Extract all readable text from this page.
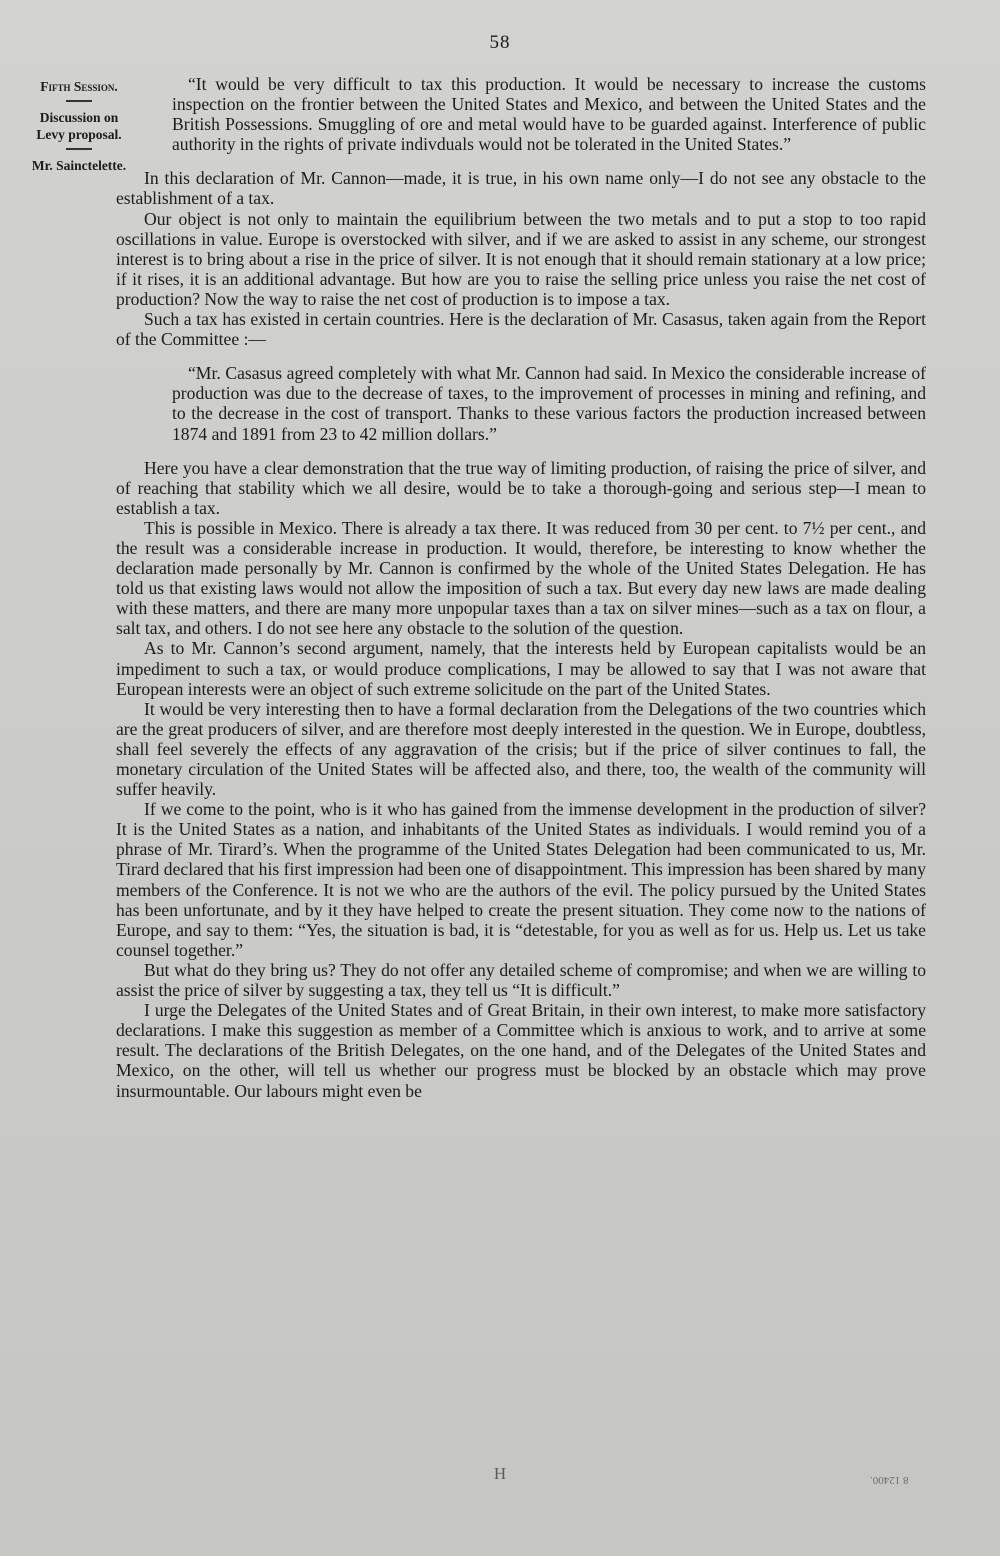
58

Fifth Session.

Discussion on Levy proposal.

Mr. Sainctelette.

“It would be very difficult to tax this production. It would be necessary to increase the customs inspection on the frontier between the United States and Mexico, and between the United States and the British Possessions. Smuggling of ore and metal would have to be guarded against. Interference of public authority in the rights of private indivduals would not be tolerated in the United States.”

In this declaration of Mr. Cannon—made, it is true, in his own name only—I do not see any obstacle to the establishment of a tax.

Our object is not only to maintain the equilibrium between the two metals and to put a stop to too rapid oscillations in value. Europe is overstocked with silver, and if we are asked to assist in any scheme, our strongest interest is to bring about a rise in the price of silver. It is not enough that it should remain stationary at a low price; if it rises, it is an additional advantage. But how are you to raise the selling price unless you raise the net cost of production? Now the way to raise the net cost of production is to impose a tax.

Such a tax has existed in certain countries. Here is the declaration of Mr. Casasus, taken again from the Report of the Committee :—

“Mr. Casasus agreed completely with what Mr. Cannon had said. In Mexico the considerable increase of production was due to the decrease of taxes, to the improvement of processes in mining and refining, and to the decrease in the cost of transport. Thanks to these various factors the production increased between 1874 and 1891 from 23 to 42 million dollars.”

Here you have a clear demonstration that the true way of limiting production, of raising the price of silver, and of reaching that stability which we all desire, would be to take a thorough-going and serious step—I mean to establish a tax.

This is possible in Mexico. There is already a tax there. It was reduced from 30 per cent. to 7½ per cent., and the result was a considerable increase in production. It would, therefore, be interesting to know whether the declaration made personally by Mr. Cannon is confirmed by the whole of the United States Delegation. He has told us that existing laws would not allow the imposition of such a tax. But every day new laws are made dealing with these matters, and there are many more unpopular taxes than a tax on silver mines—such as a tax on flour, a salt tax, and others. I do not see here any obstacle to the solution of the question.

As to Mr. Cannon’s second argument, namely, that the interests held by European capitalists would be an impediment to such a tax, or would produce complications, I may be allowed to say that I was not aware that European interests were an object of such extreme solicitude on the part of the United States.

It would be very interesting then to have a formal declaration from the Delegations of the two countries which are the great producers of silver, and are therefore most deeply interested in the question. We in Europe, doubtless, shall feel severely the effects of any aggravation of the crisis; but if the price of silver continues to fall, the monetary circulation of the United States will be affected also, and there, too, the wealth of the community will suffer heavily.

If we come to the point, who is it who has gained from the immense development in the production of silver? It is the United States as a nation, and inhabitants of the United States as individuals. I would remind you of a phrase of Mr. Tirard’s. When the programme of the United States Delegation had been communicated to us, Mr. Tirard declared that his first impression had been one of disappointment. This impression has been shared by many members of the Conference. It is not we who are the authors of the evil. The policy pursued by the United States has been unfortunate, and by it they have helped to create the present situation. They come now to the nations of Europe, and say to them: “Yes, the situation is bad, it is “detestable, for you as well as for us. Help us. Let us take counsel together.”

But what do they bring us? They do not offer any detailed scheme of compromise; and when we are willing to assist the price of silver by suggesting a tax, they tell us “It is difficult.”

I urge the Delegates of the United States and of Great Britain, in their own interest, to make more satisfactory declarations. I make this suggestion as member of a Committee which is anxious to work, and to arrive at some result. The declarations of the British Delegates, on the one hand, and of the Delegates of the United States and Mexico, on the other, will tell us whether our progress must be blocked by an obstacle which may prove insurmountable. Our labours might even be

H	8 12400.
